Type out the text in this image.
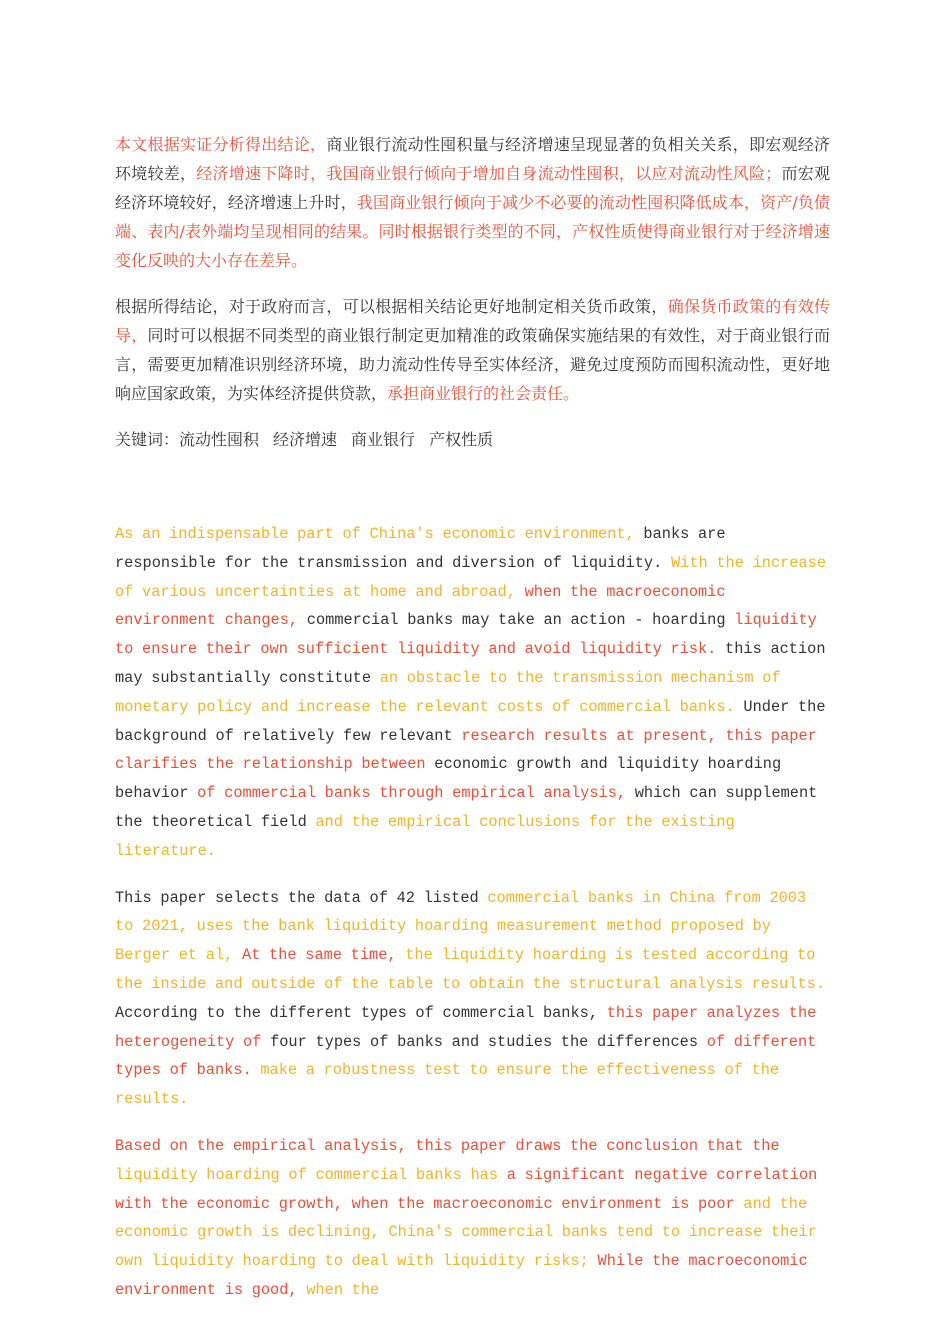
本文根据实证分析得出结论，商业银行流动性囤积量与经济增速呈现显著的负相关关系，即宏观经济环境较差，经济增速下降时，我国商业银行倾向于增加自身流动性囤积，以应对流动性风险；而宏观经济环境较好，经济增速上升时，我国商业银行倾向于减少不必要的流动性囤积降低成本，资产/负债端、表内/表外端均呈现相同的结果。同时根据银行类型的不同，产权性质使得商业银行对于经济增速变化反映的大小存在差异。

根据所得结论，对于政府而言，可以根据相关结论更好地制定相关货币政策，确保货币政策的有效传导，同时可以根据不同类型的商业银行制定更加精准的政策确保实施结果的有效性，对于商业银行而言，需要更加精准识别经济环境，助力流动性传导至实体经济，避免过度预防而囤积流动性，更好地响应国家政策，为实体经济提供贷款，承担商业银行的社会责任。

关键词：流动性囤积 经济增速 商业银行 产权性质

As an indispensable part of China's economic environment, banks are responsible for the transmission and diversion of liquidity. With the increase of various uncertainties at home and abroad, when the macroeconomic environment changes, commercial banks may take an action - hoarding liquidity to ensure their own sufficient liquidity and avoid liquidity risk. this action may substantially constitute an obstacle to the transmission mechanism of monetary policy and increase the relevant costs of commercial banks. Under the background of relatively few relevant research results at present, this paper clarifies the relationship between economic growth and liquidity hoarding behavior of commercial banks through empirical analysis, which can supplement the theoretical field and the empirical conclusions for the existing literature.

This paper selects the data of 42 listed commercial banks in China from 2003 to 2021, uses the bank liquidity hoarding measurement method proposed by Berger et al, At the same time, the liquidity hoarding is tested according to the inside and outside of the table to obtain the structural analysis results. According to the different types of commercial banks, this paper analyzes the heterogeneity of four types of banks and studies the differences of different types of banks. make a robustness test to ensure the effectiveness of the results.

Based on the empirical analysis, this paper draws the conclusion that the liquidity hoarding of commercial banks has a significant negative correlation with the economic growth, when the macroeconomic environment is poor and the economic growth is declining, China's commercial banks tend to increase their own liquidity hoarding to deal with liquidity risks; While the macroeconomic environment is good, when the
